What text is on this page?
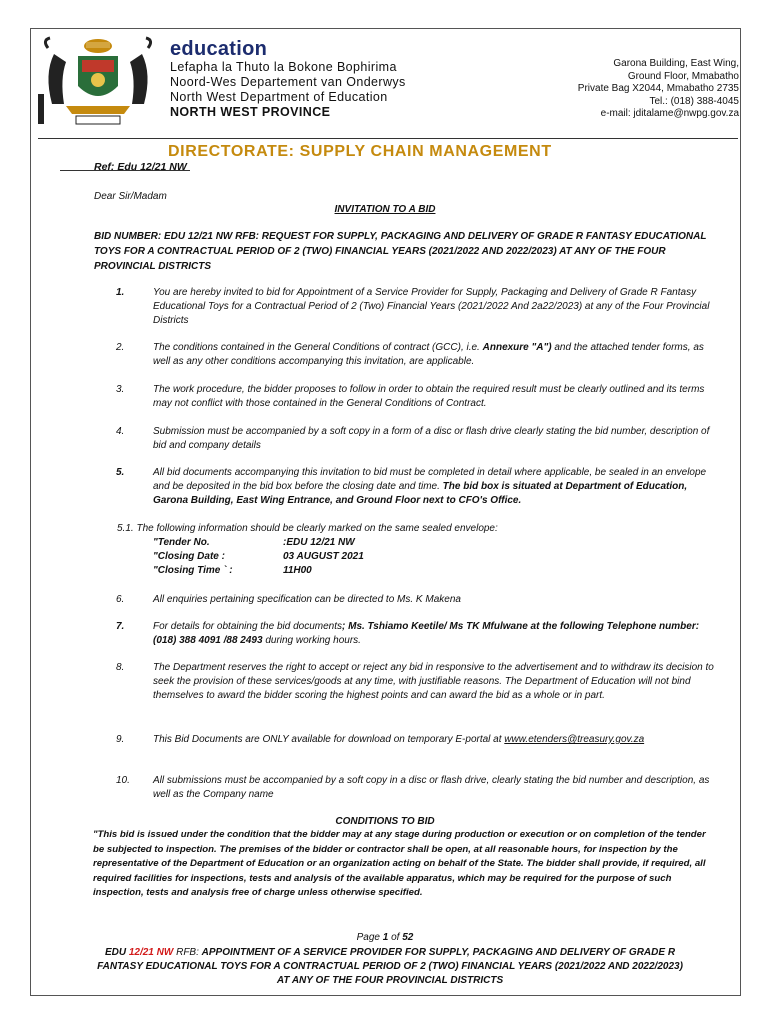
education
Lefapha la Thuto la Bokone Bophirima
Noord-Wes Departement van Onderwys
North West Department of Education
NORTH WEST PROVINCE
Garona Building, East Wing,
Ground Floor, Mmabatho
Private Bag X2044, Mmabatho 2735
Tel.: (018) 388-4045
e-mail: jditalame@nwpg.gov.za
DIRECTORATE: SUPPLY CHAIN MANAGEMENT
Ref: Edu 12/21 NW
Dear Sir/Madam
INVITATION TO A BID
BID NUMBER: EDU 12/21 NW RFB: REQUEST FOR SUPPLY, PACKAGING AND DELIVERY OF GRADE R FANTASY EDUCATIONAL TOYS FOR A CONTRACTUAL PERIOD OF 2 (TWO) FINANCIAL YEARS (2021/2022 AND 2022/2023) AT ANY OF THE FOUR PROVINCIAL DISTRICTS
1.	You are hereby invited to bid for Appointment of a Service Provider for Supply, Packaging and Delivery of Grade R Fantasy Educational Toys for a Contractual Period of 2 (Two) Financial Years (2021/2022 And 2a22/2023) at any of the Four Provincial Districts
2.	The conditions contained in the General Conditions of contract (GCC), i.e. Annexure "A") and the attached tender forms, as well as any other conditions accompanying this invitation, are applicable.
3.	The work procedure, the bidder proposes to follow in order to obtain the required result must be clearly outlined and its terms may not conflict with those contained in the General Conditions of Contract.
4.	Submission must be accompanied by a soft copy in a form of a disc or flash drive clearly stating the bid number, description of bid and company details
5.	All bid documents accompanying this invitation to bid must be completed in detail where applicable, be sealed in an envelope and be deposited in the bid box before the closing date and time. The bid box is situated at Department of Education, Garona Building, East Wing Entrance, and Ground Floor next to CFO's Office.
5.1. The following information should be clearly marked on the same sealed envelope:
"Tender No.	:EDU 12/21 NW
"Closing Date :	03 AUGUST 2021
"Closing Time ` :	11H00
6.	All enquiries pertaining specification can be directed to Ms. K Makena
7.	For details for obtaining the bid documents; Ms. Tshiamo Keetile/ Ms TK Mfulwane at the following Telephone number: (018) 388 4091 /88 2493 during working hours.
8.	The Department reserves the right to accept or reject any bid in responsive to the advertisement and to withdraw its decision to seek the provision of these services/goods at any time, with justifiable reasons. The Department of Education will not bind themselves to award the bidder scoring the highest points and can award the bid as a whole or in part.
9.	This Bid Documents are ONLY available for download on temporary E-portal at www.etenders@treasury.gov.za
10. All submissions must be accompanied by a soft copy in a disc or flash drive, clearly stating the bid number and description, as well as the Company name
CONDITIONS TO BID
"This bid is issued under the condition that the bidder may at any stage during production or execution or on completion of the tender be subjected to inspection. The premises of the bidder or contractor shall be open, at all reasonable hours, for inspection by the representative of the Department of Education or an organization acting on behalf of the State. The bidder shall provide, if required, all required facilities for inspections, tests and analysis of the available apparatus, which may be required for the purpose of such inspection, tests and analysis free of charge unless otherwise specified.
Page 1 of 52
EDU 12/21 NW RFB: APPOINTMENT OF A SERVICE PROVIDER FOR SUPPLY, PACKAGING AND DELIVERY OF GRADE R FANTASY EDUCATIONAL TOYS FOR A CONTRACTUAL PERIOD OF 2 (TWO) FINANCIAL YEARS (2021/2022 AND 2022/2023) AT ANY OF THE FOUR PROVINCIAL DISTRICTS
